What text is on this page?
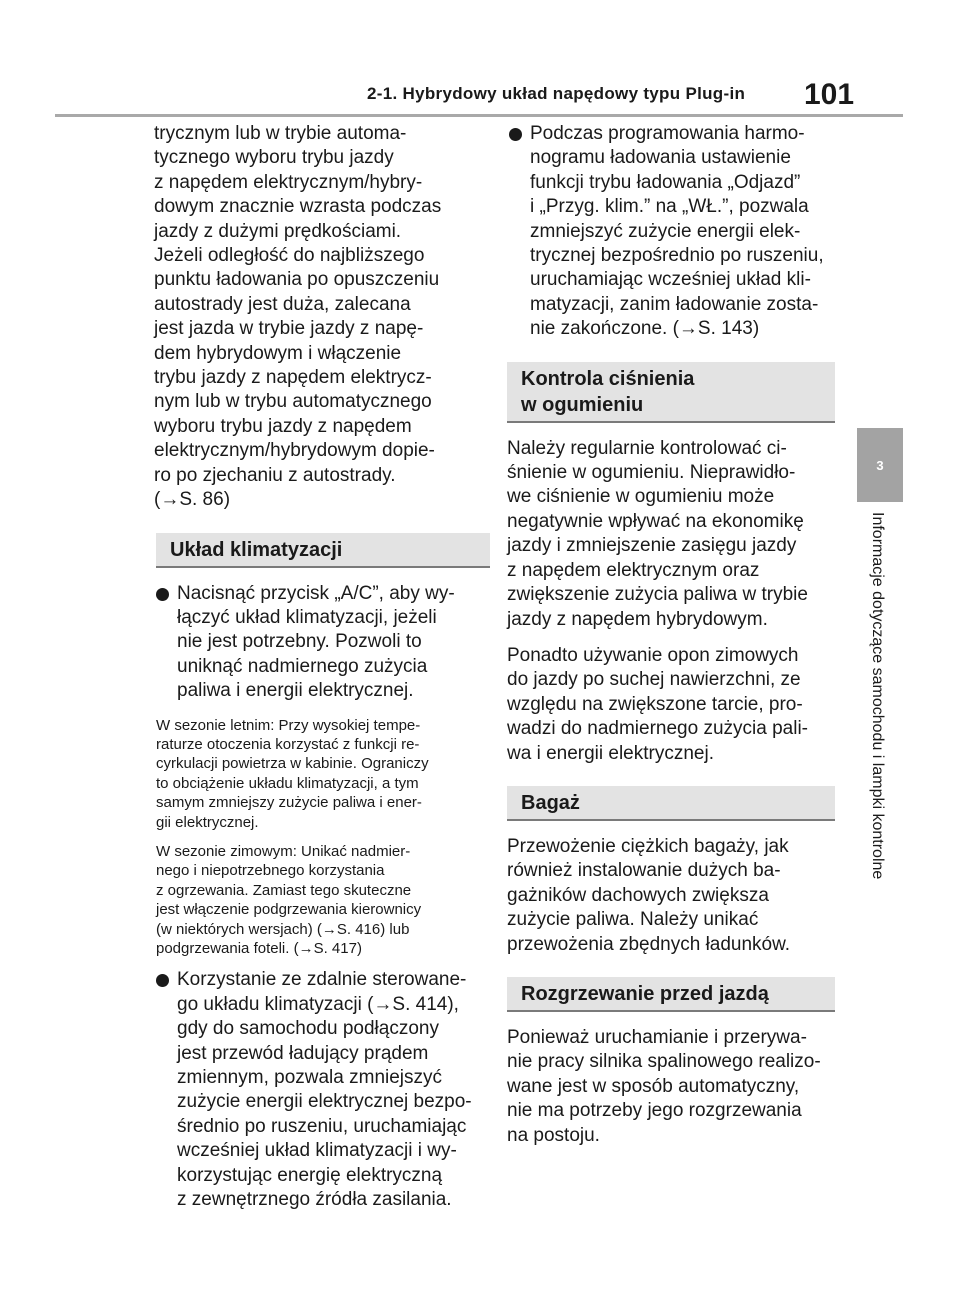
2-1. Hybrydowy układ napędowy typu Plug-in 101
3
Informacje dotyczące samochodu i lampki kontrolne
trycznym lub w trybie automa-
tycznego wyboru trybu jazdy
z napędem elektrycznym/hybry-
dowym znacznie wzrasta podczas
jazdy z dużymi prędkościami.
Jeżeli odległość do najbliższego
punktu ładowania po opuszczeniu
autostrady jest duża, zalecana
jest jazda w trybie jazdy z napę-
dem hybrydowym i włączenie
trybu jazdy z napędem elektrycz-
nym lub w trybu automatycznego
wyboru trybu jazdy z napędem
elektrycznym/hybrydowym dopie-
ro po zjechaniu z autostrady.
(→S. 86)
Układ klimatyzacji
Nacisnąć przycisk „A/C”, aby wy-
łączyć układ klimatyzacji, jeżeli
nie jest potrzebny. Pozwoli to
uniknąć nadmiernego zużycia
paliwa i energii elektrycznej.
W sezonie letnim: Przy wysokiej tempe-
raturze otoczenia korzystać z funkcji re-
cyrkulacji powietrza w kabinie. Ograniczy
to obciążenie układu klimatyzacji, a tym
samym zmniejszy zużycie paliwa i ener-
gii elektrycznej.
W sezonie zimowym: Unikać nadmier-
nego i niepotrzebnego korzystania
z ogrzewania. Zamiast tego skuteczne
jest włączenie podgrzewania kierownicy
(w niektórych wersjach) (→S. 416) lub
podgrzewania foteli. (→S. 417)
Korzystanie ze zdalnie sterowane-
go układu klimatyzacji (→S. 414),
gdy do samochodu podłączony
jest przewód ładujący prądem
zmiennym, pozwala zmniejszyć
zużycie energii elektrycznej bezpo-
średnio po ruszeniu, uruchamiając
wcześniej układ klimatyzacji i wy-
korzystując energię elektryczną
z zewnętrznego źródła zasilania.
Podczas programowania harmo-
nogramu ładowania ustawienie
funkcji trybu ładowania „Odjazd”
i „Przyg. klim.” na „WŁ.”, pozwala
zmniejszyć zużycie energii elek-
trycznej bezpośrednio po ruszeniu,
uruchamiając wcześniej układ kli-
matyzacji, zanim ładowanie zosta-
nie zakończone. (→S. 143)
Kontrola ciśnienia
w ogumieniu
Należy regularnie kontrolować ci-
śnienie w ogumieniu. Nieprawidło-
we ciśnienie w ogumieniu może
negatywnie wpływać na ekonomikę
jazdy i zmniejszenie zasięgu jazdy
z napędem elektrycznym oraz
zwiększenie zużycia paliwa w trybie
jazdy z napędem hybrydowym.
Ponadto używanie opon zimowych
do jazdy po suchej nawierzchni, ze
względu na zwiększone tarcie, pro-
wadzi do nadmiernego zużycia pali-
wa i energii elektrycznej.
Bagaż
Przewożenie ciężkich bagaży, jak
również instalowanie dużych ba-
gażników dachowych zwiększa
zużycie paliwa. Należy unikać
przewożenia zbędnych ładunków.
Rozgrzewanie przed jazdą
Ponieważ uruchamianie i przerywa-
nie pracy silnika spalinowego realizo-
wane jest w sposób automatyczny,
nie ma potrzeby jego rozgrzewania
na postoju.
